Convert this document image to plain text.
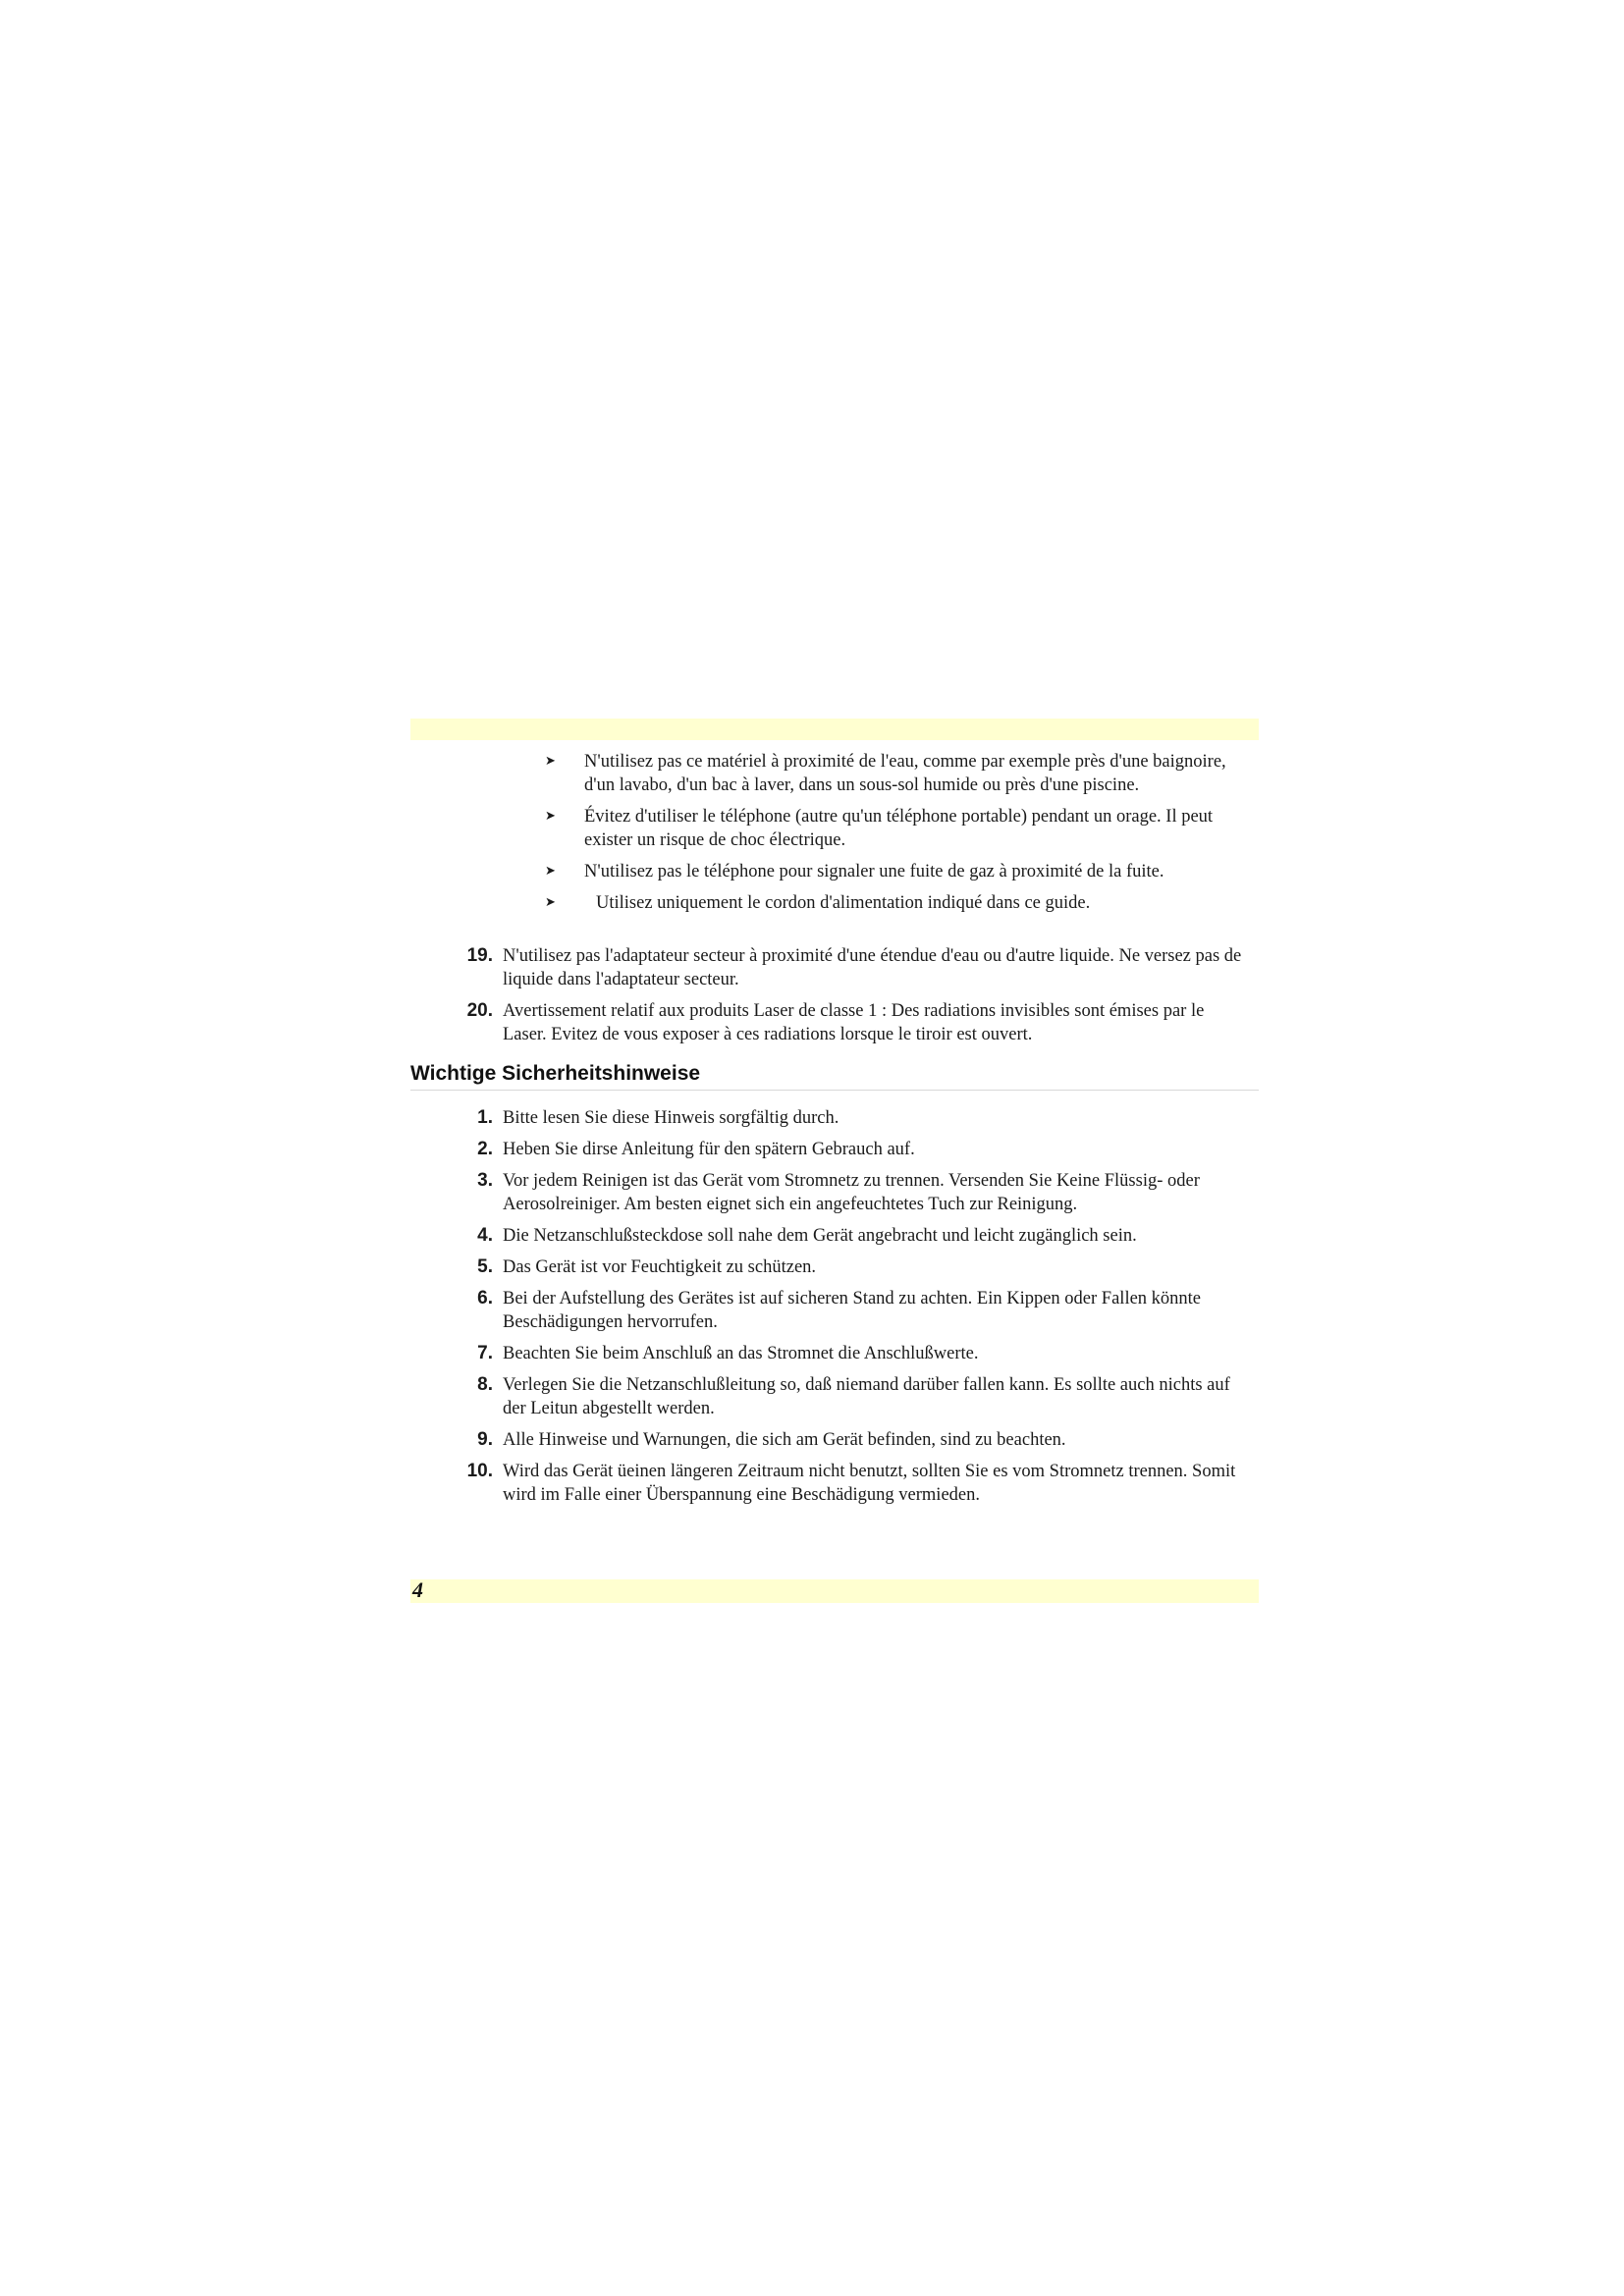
➤ N'utilisez pas ce matériel à proximité de l'eau, comme par exemple près d'une baignoire, d'un lavabo, d'un bac à laver, dans un sous-sol humide ou près d'une piscine.
➤ Évitez d'utiliser le téléphone (autre qu'un téléphone portable) pendant un orage. Il peut exister un risque de choc électrique.
➤ N'utilisez pas le téléphone pour signaler une fuite de gaz à proximité de la fuite.
➤ Utilisez uniquement le cordon d'alimentation indiqué dans ce guide.
19. N'utilisez pas l'adaptateur secteur à proximité d'une étendue d'eau ou d'autre liquide. Ne versez pas de liquide dans l'adaptateur secteur.
20. Avertissement relatif aux produits Laser de classe 1 : Des radiations invisibles sont émises par le Laser. Evitez de vous exposer à ces radiations lorsque le tiroir est ouvert.
Wichtige Sicherheitshinweise
1. Bitte lesen Sie diese Hinweis sorgfältig durch.
2. Heben Sie dirse Anleitung für den spätern Gebrauch auf.
3. Vor jedem Reinigen ist das Gerät vom Stromnetz zu trennen. Versenden Sie Keine Flüssig- oder Aerosolreiniger. Am besten eignet sich ein angefeuchtetes Tuch zur Reinigung.
4. Die Netzanschlußsteckdose soll nahe dem Gerät angebracht und leicht zugänglich sein.
5. Das Gerät ist vor Feuchtigkeit zu schützen.
6. Bei der Aufstellung des Gerätes ist auf sicheren Stand zu achten. Ein Kippen oder Fallen könnte Beschädigungen hervorrufen.
7. Beachten Sie beim Anschluß an das Stromnet die Anschlußwerte.
8. Verlegen Sie die Netzanschlußleitung so, daß niemand darüber fallen kann. Es sollte auch nichts auf der Leitun abgestellt werden.
9. Alle Hinweise und Warnungen, die sich am Gerät befinden, sind zu beachten.
10. Wird das Gerät üeinen längeren Zeitraum nicht benutzt, sollten Sie es vom Stromnetz trennen. Somit wird im Falle einer Überspannung eine Beschädigung vermieden.
4
